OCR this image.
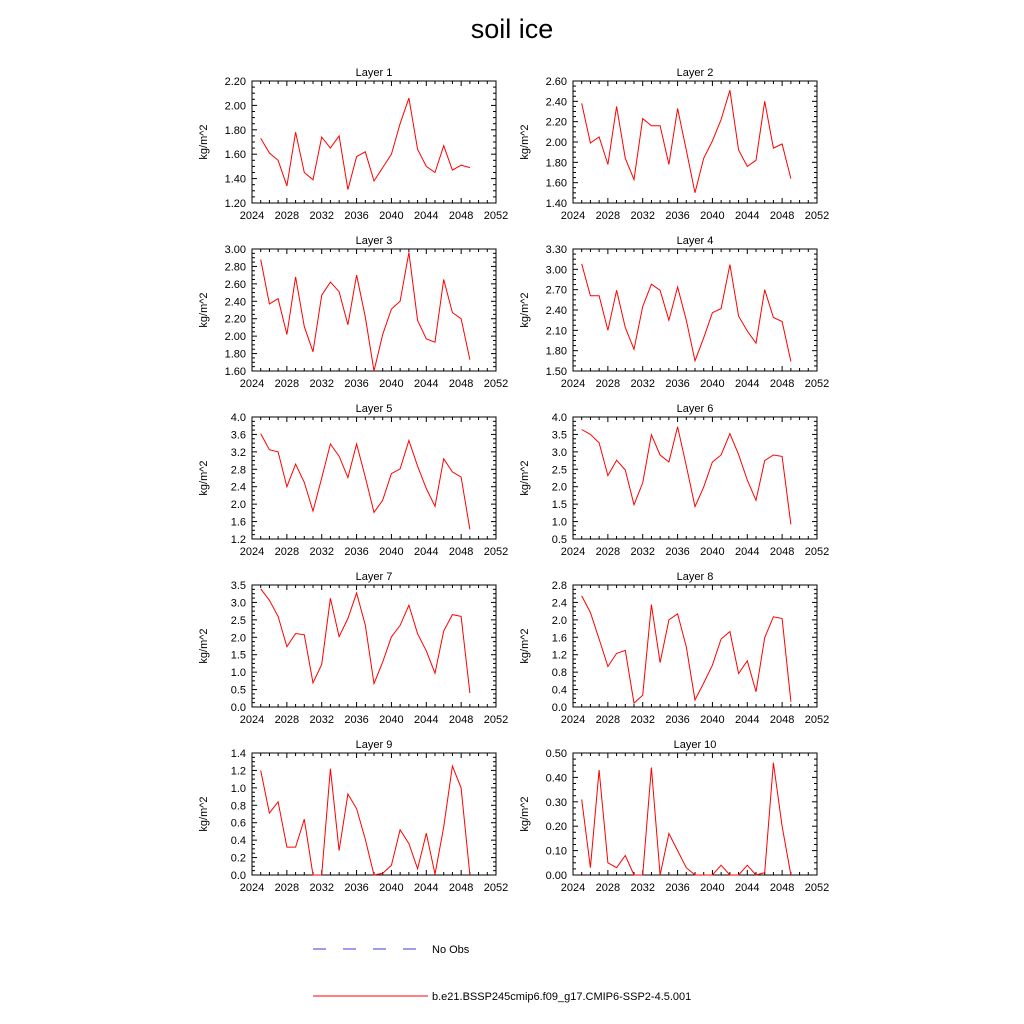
soil ice
Layer 1
kg/m^2
2024 2028 2032 2036 2040 2044 2048 2052
1.20
1.40
1.60
1.80
2.00
2.20
Layer 2
kg/m^2
2024 2028 2032 2036 2040 2044 2048 2052
1.40
1.60
1.80
2.00
2.20
2.40
2.60
Layer 3
kg/m^2
2024 2028 2032 2036 2040 2044 2048 2052
1.60
1.80
2.00
2.20
2.40
2.60
2.80
3.00
Layer 4
kg/m^2
2024 2028 2032 2036 2040 2044 2048 2052
1.50
1.80
2.10
2.40
2.70
3.00
3.30
Layer 5
kg/m^2
2024 2028 2032 2036 2040 2044 2048 2052
1.2
1.6
2.0
2.4
2.8
3.2
3.6
4.0
Layer 6
kg/m^2
2024 2028 2032 2036 2040 2044 2048 2052
0.5
1.0
1.5
2.0
2.5
3.0
3.5
4.0
Layer 7
kg/m^2
2024 2028 2032 2036 2040 2044 2048 2052
0.0
0.5
1.0
1.5
2.0
2.5
3.0
3.5
Layer 8
kg/m^2
2024 2028 2032 2036 2040 2044 2048 2052
0.0
0.4
0.8
1.2
1.6
2.0
2.4
2.8
Layer 9
kg/m^2
2024 2028 2032 2036 2040 2044 2048 2052
0.0
0.2
0.4
0.6
0.8
1.0
1.2
1.4
Layer 10
kg/m^2
2024 2028 2032 2036 2040 2044 2048 2052
0.00
0.10
0.20
0.30
0.40
0.50
No Obs
b.e21.BSSP245cmip6.f09_g17.CMIP6-SSP2-4.5.001
